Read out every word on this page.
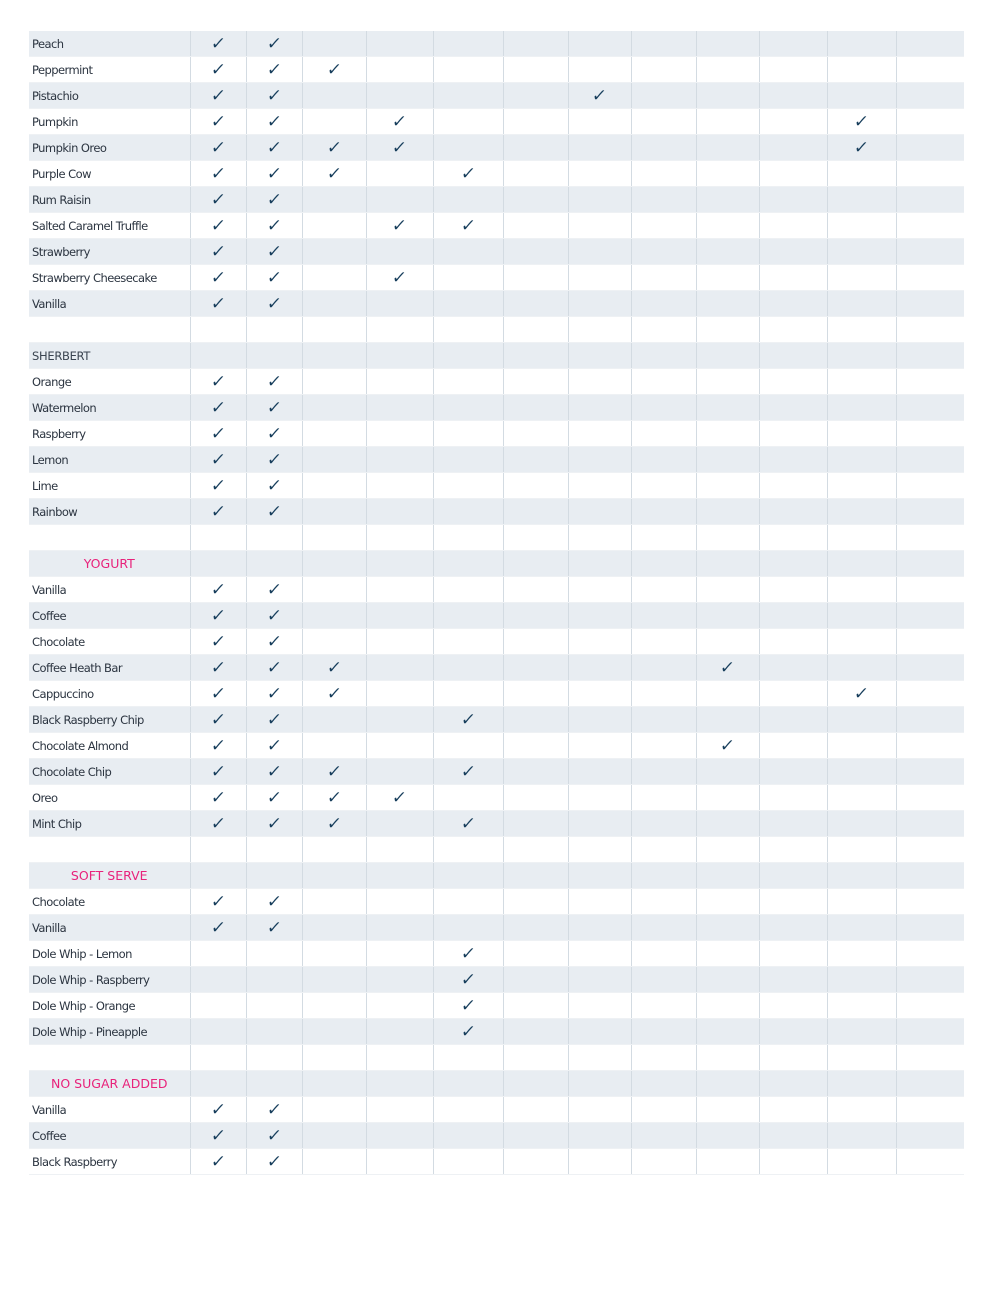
Peach	✓	✓										
Peppermint	✓	✓	✓									
Pistachio	✓	✓					✓					
Pumpkin	✓	✓		✓							✓	
Pumpkin Oreo	✓	✓	✓	✓							✓	
Purple Cow	✓	✓	✓		✓							
Rum Raisin	✓	✓										
Salted Caramel Truffle	✓	✓		✓	✓							
Strawberry	✓	✓										
Strawberry Cheesecake	✓	✓		✓								
Vanilla	✓	✓										

SHERBERT												
Orange	✓	✓										
Watermelon	✓	✓										
Raspberry	✓	✓										
Lemon	✓	✓										
Lime	✓	✓										
Rainbow	✓	✓										

YOGURT												
Vanilla	✓	✓										
Coffee	✓	✓										
Chocolate	✓	✓										
Coffee Heath Bar	✓	✓	✓						✓			
Cappuccino	✓	✓	✓								✓	
Black Raspberry Chip	✓	✓			✓							
Chocolate Almond	✓	✓							✓			
Chocolate Chip	✓	✓	✓		✓							
Oreo	✓	✓	✓	✓								
Mint Chip	✓	✓	✓		✓							

SOFT SERVE												
Chocolate	✓	✓										
Vanilla	✓	✓										
Dole Whip - Lemon					✓							
Dole Whip - Raspberry					✓							
Dole Whip - Orange					✓							
Dole Whip - Pineapple					✓							

NO SUGAR ADDED												
Vanilla	✓	✓										
Coffee	✓	✓										
Black Raspberry	✓	✓										
